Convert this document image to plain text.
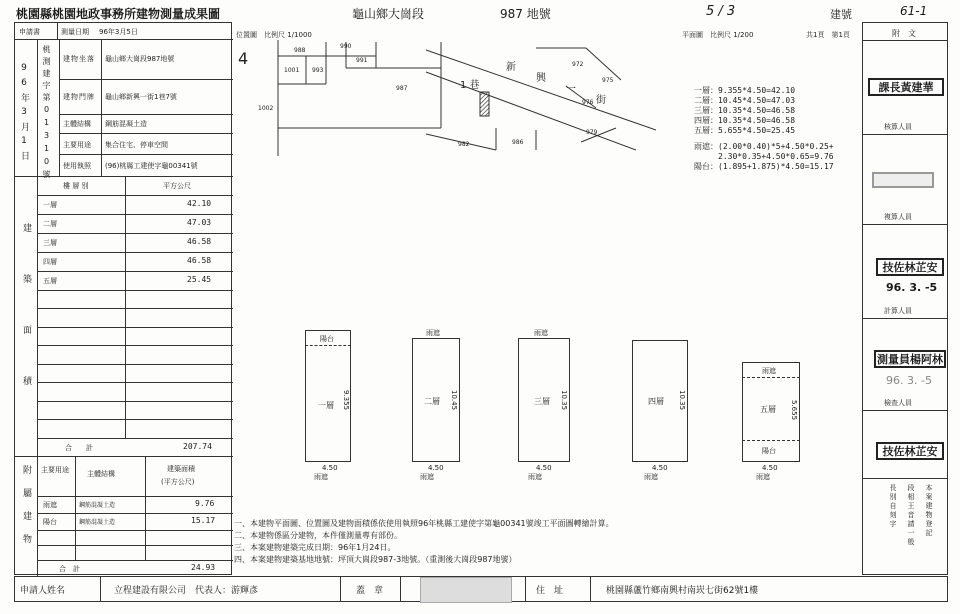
桃園縣桃園地政事務所建物測量成果圖	龜山鄉大崗段	987 地號	5 / 3	建號	61-1
申請書	測量日期 96年3月5日
96年3月1日 桃測建字第01310號 建物坐落 龜山鄉大崗段987地號
建物門牌 龜山鄉新興一街1巷7號
主體結構 鋼筋混凝土造
主要用途 集合住宅、停車空間
使用執照 (96)桃縣工建使字龜00341號
建築面積
樓 層 別	平方公尺
一層	42.10
二層	47.03
三層	46.58
四層	46.58
五層	25.45
合　　計	207.74
附屬建物 主要用途	主體結構
建築面積
(平方公尺)
雨遮	鋼筋混凝土造	9.76
陽台	鋼筋混凝土造	15.17
合　計	24.93
位置圖　比例尺 1/1000
4	988
990
991
1001 993
987
1002
972
975
976
979
982	986
1 巷
新
興
一
街
平面圖　比例尺 1/200	共1頁　第1頁
一層：9.355*4.50=42.10
二層：10.45*4.50=47.03
三層：10.35*4.50=46.58
四層：10.35*4.50=46.58
五層：5.655*4.50=25.45
雨遮：(2.00*0.40)*5+4.50*0.25+
2.30*0.35+4.50*0.65=9.76
陽台：(1.895+1.875)*4.50=15.17
陽台
一層 9.355
4.50
雨遮
雨遮
二層 10.45
4.50
雨遮
雨遮
三層 10.35
4.50
雨遮
四層 10.35
4.50
雨遮
雨遮
五層
陽台
5.655
4.50
雨遮
一、本建物平面圖、位置圖及建物面積係依使用執照96年桃縣工建使字第龜00341號竣工平面圖轉繪計算。
二、本建物係區分建物，本件僅測量專有部份。
三、本案建物建築完成日期：96年1月24日。
四、本案建物建築基地地號：坪頂大崗段987-3地號。（重測後大崗段987地號）
附　文
課長黃建華
核算人員
複算人員
技佐林芷安
96. 3. -5
計算人員
測量員楊阿林
96. 3. -5
檢查人員
技佐林芷安
本案建物登記
段相王音請一般
長別自刻字
申請人姓名	立程建設有限公司　代表人：游輝彥	蓋　章	住　址	桃園縣蘆竹鄉南興村南崁七街62號1樓
